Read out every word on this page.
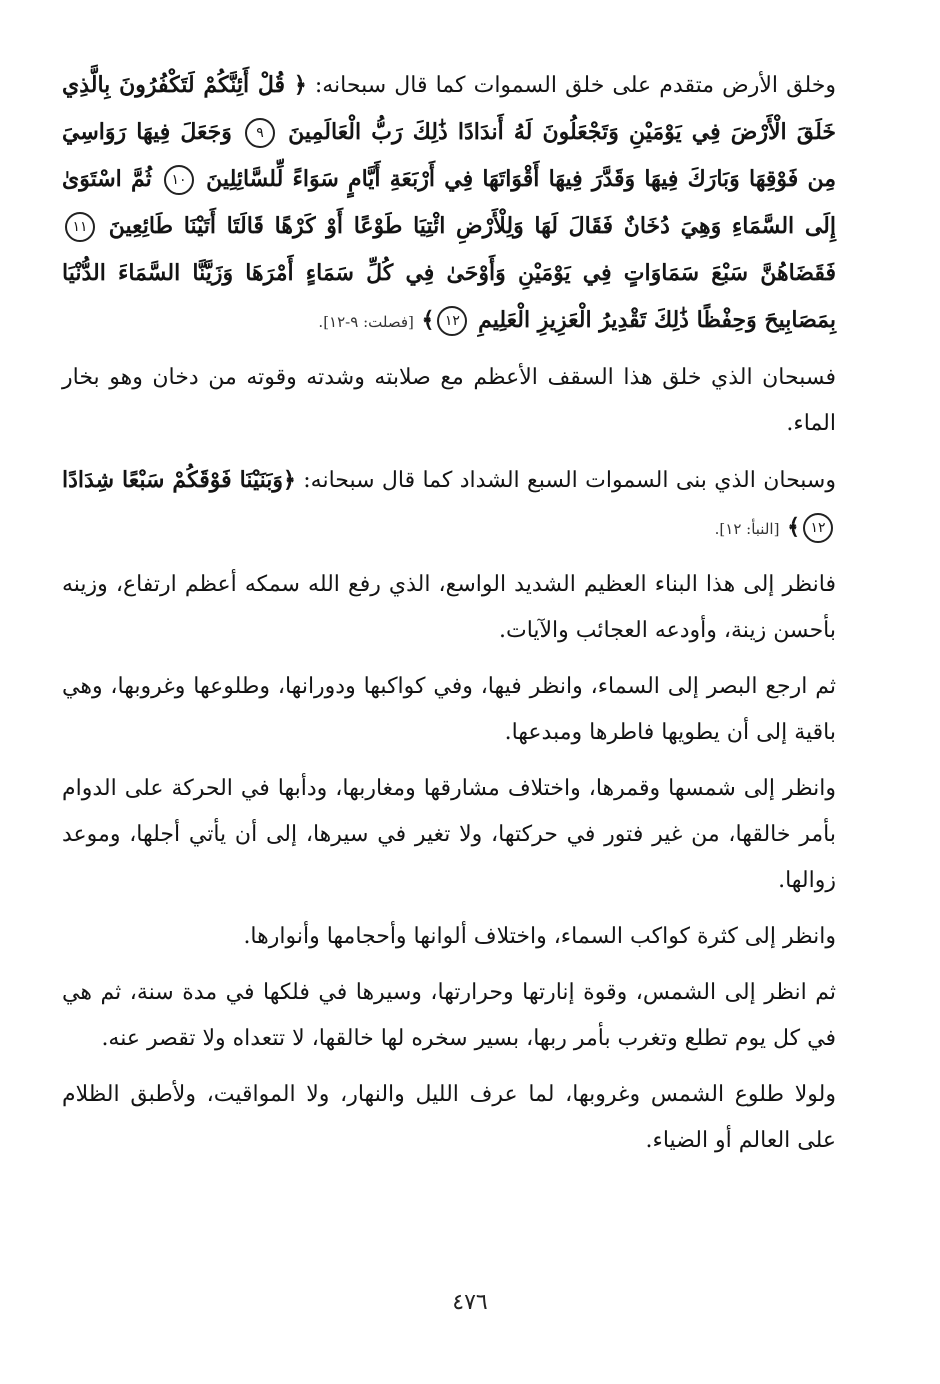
وخلق الأرض متقدم على خلق السموات كما قال سبحانه: ﴿ قُلْ أَئِنَّكُمْ لَتَكْفُرُونَ بِالَّذِي خَلَقَ الْأَرْضَ فِي يَوْمَيْنِ وَتَجْعَلُونَ لَهُ أَندَادًا ذَٰلِكَ رَبُّ الْعَالَمِينَ ٩ وَجَعَلَ فِيهَا رَوَاسِيَ مِن فَوْقِهَا وَبَارَكَ فِيهَا وَقَدَّرَ فِيهَا أَقْوَاتَهَا فِي أَرْبَعَةِ أَيَّامٍ سَوَاءً لِّلسَّائِلِينَ ١٠ ثُمَّ اسْتَوَىٰ إِلَى السَّمَاءِ وَهِيَ دُخَانٌ فَقَالَ لَهَا وَلِلْأَرْضِ ائْتِيَا طَوْعًا أَوْ كَرْهًا قَالَتَا أَتَيْنَا طَائِعِينَ ١١ فَقَضَاهُنَّ سَبْعَ سَمَاوَاتٍ فِي يَوْمَيْنِ وَأَوْحَىٰ فِي كُلِّ سَمَاءٍ أَمْرَهَا وَزَيَّنَّا السَّمَاءَ الدُّنْيَا بِمَصَابِيحَ وَحِفْظًا ذَٰلِكَ تَقْدِيرُ الْعَزِيزِ الْعَلِيمِ ١٢﴾ [فصلت: ٩-١٢].

فسبحان الذي خلق هذا السقف الأعظم مع صلابته وشدته وقوته من دخان وهو بخار الماء.

وسبحان الذي بنى السموات السبع الشداد كما قال سبحانه: ﴿وَبَنَيْنَا فَوْقَكُمْ سَبْعًا شِدَادًا ١٢﴾ [النبأ: ١٢].

فانظر إلى هذا البناء العظيم الشديد الواسع، الذي رفع الله سمكه أعظم ارتفاع، وزينه بأحسن زينة، وأودعه العجائب والآيات.

ثم ارجع البصر إلى السماء، وانظر فيها، وفي كواكبها ودورانها، وطلوعها وغروبها، وهي باقية إلى أن يطويها فاطرها ومبدعها.

وانظر إلى شمسها وقمرها، واختلاف مشارقها ومغاربها، ودأبها في الحركة على الدوام بأمر خالقها، من غير فتور في حركتها، ولا تغير في سيرها، إلى أن يأتي أجلها، وموعد زوالها.

وانظر إلى كثرة كواكب السماء، واختلاف ألوانها وأحجامها وأنوارها.

ثم انظر إلى الشمس، وقوة إنارتها وحرارتها، وسيرها في فلكها في مدة سنة، ثم هي في كل يوم تطلع وتغرب بأمر ربها، بسير سخره لها خالقها، لا تتعداه ولا تقصر عنه.

ولولا طلوع الشمس وغروبها، لما عرف الليل والنهار، ولا المواقيت، ولأطبق الظلام على العالم أو الضياء.

٤٧٦
